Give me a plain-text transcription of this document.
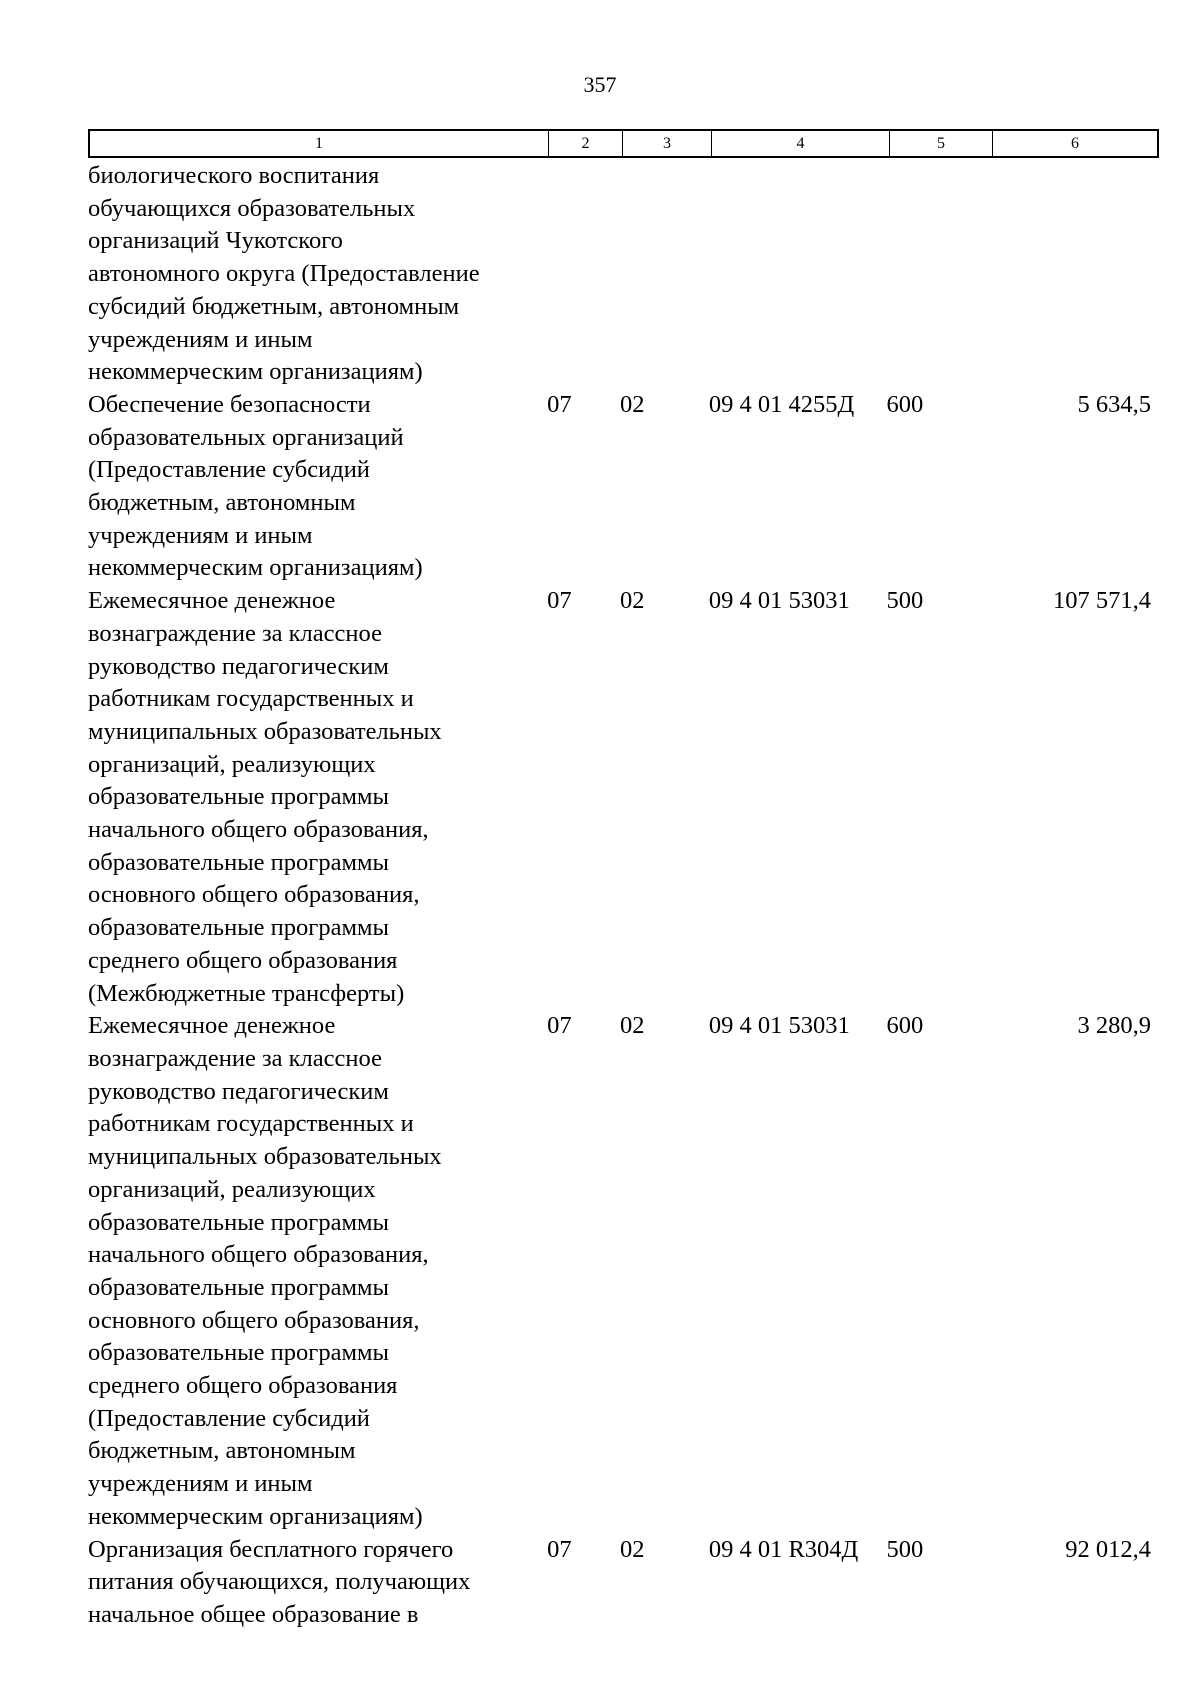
357
1	2	3	4	5	6
биологического воспитания
обучающихся образовательных
организаций Чукотского
автономного округа (Предоставление
субсидий бюджетным, автономным
учреждениям и иным
некоммерческим организациям)
Обеспечение безопасности
образовательных организаций
(Предоставление субсидий
бюджетным, автономным
учреждениям и иным
некоммерческим организациям)
07	02	09 4 01 4255Д	600	5 634,5
Ежемесячное денежное
вознаграждение за классное
руководство педагогическим
работникам государственных и
муниципальных образовательных
организаций, реализующих
образовательные программы
начального общего образования,
образовательные программы
основного общего образования,
образовательные программы
среднего общего образования
(Межбюджетные трансферты)
07	02	09 4 01 53031	500	107 571,4
Ежемесячное денежное
вознаграждение за классное
руководство педагогическим
работникам государственных и
муниципальных образовательных
организаций, реализующих
образовательные программы
начального общего образования,
образовательные программы
основного общего образования,
образовательные программы
среднего общего образования
(Предоставление субсидий
бюджетным, автономным
учреждениям и иным
некоммерческим организациям)
07	02	09 4 01 53031	600	3 280,9
Организация бесплатного горячего
питания обучающихся, получающих
начальное общее образование в
07	02	09 4 01 R304Д	500	92 012,4
